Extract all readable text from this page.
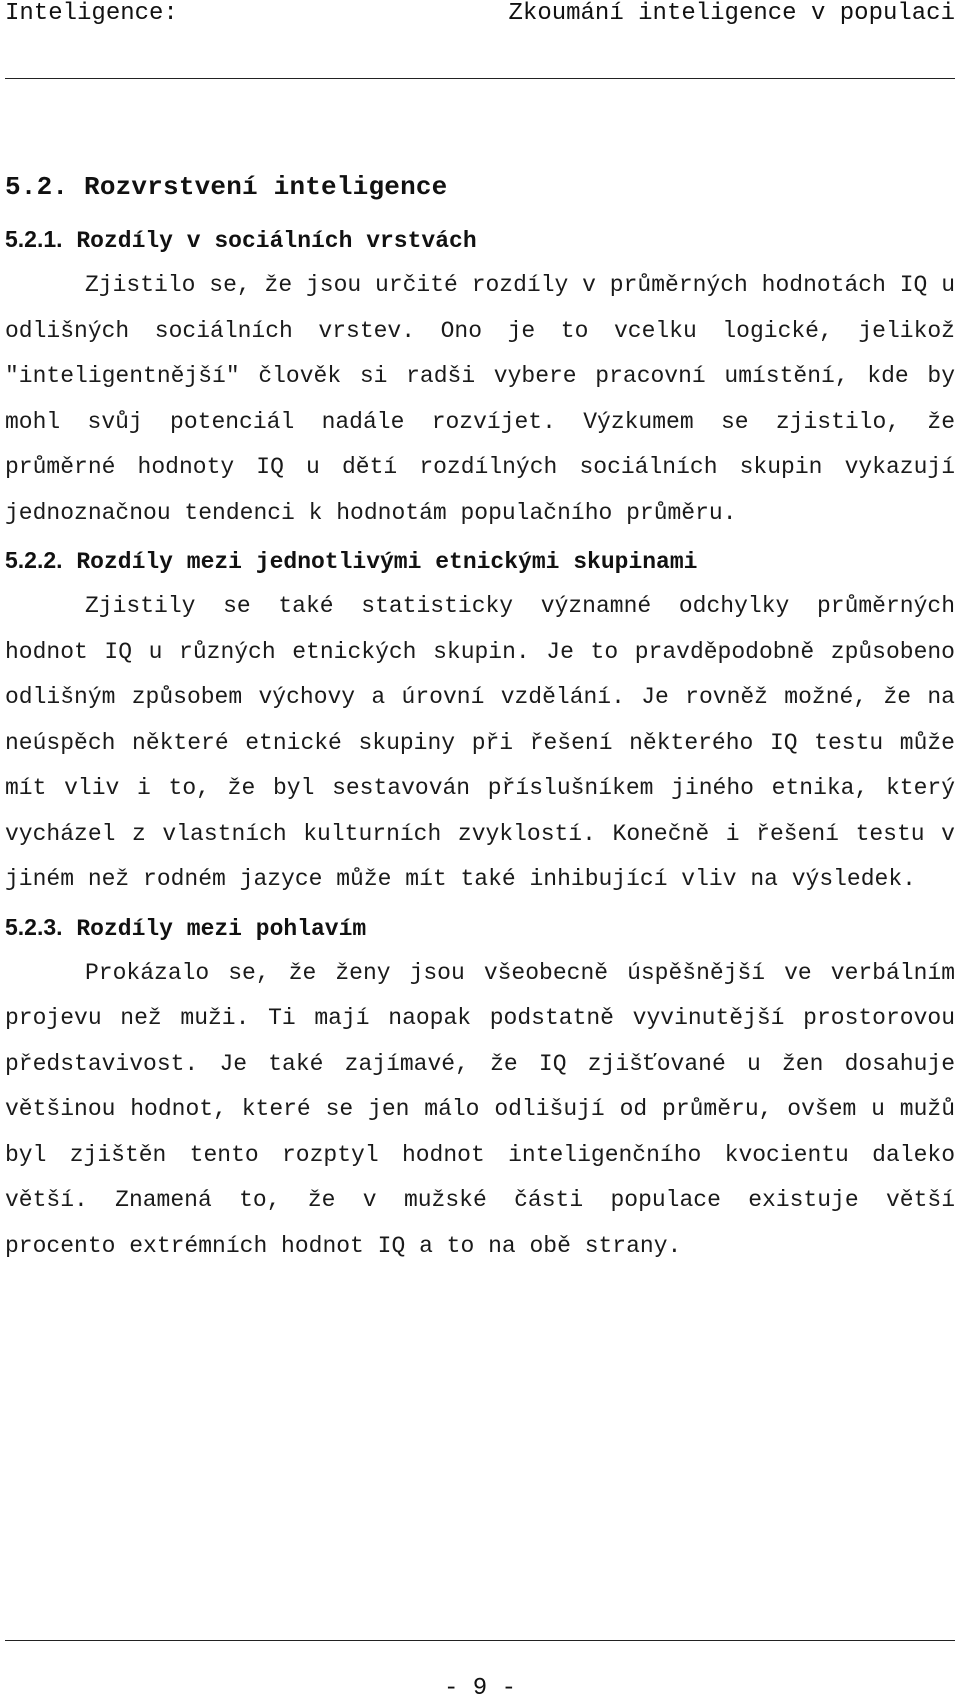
Inteligence:	Zkoumání inteligence v populaci
5.2. Rozvrstvení inteligence
5.2.1. Rozdíly v sociálních vrstvách

Zjistilo se, že jsou určité rozdíly v průměrných hodnotách IQ u odlišných sociálních vrstev. Ono je to vcelku logické, jelikož "inteligentnější" člověk si radši vybere pracovní umístění, kde by mohl svůj potenciál nadále rozvíjet. Výzkumem se zjistilo, že průměrné hodnoty IQ u dětí rozdílných sociálních skupin vykazují jednoznačnou tendenci k hodnotám populačního průměru.

5.2.2. Rozdíly mezi jednotlivými etnickými skupinami

Zjistily se také statisticky významné odchylky průměrných hodnot IQ u různých etnických skupin. Je to pravděpodobně způsobeno odlišným způsobem výchovy a úrovní vzdělání. Je rovněž možné, že na neúspěch některé etnické skupiny při řešení některého IQ testu může mít vliv i to, že byl sestavován příslušníkem jiného etnika, který vycházel z vlastních kulturních zvyklostí. Konečně i řešení testu v jiném než rodném jazyce může mít také inhibující vliv na výsledek.

5.2.3. Rozdíly mezi pohlavím

Prokázalo se, že ženy jsou všeobecně úspěšnější ve verbálním projevu než muži. Ti mají naopak podstatně vyvinutější prostorovou představivost. Je také zajímavé, že IQ zjišťované u žen dosahuje většinou hodnot, které se jen málo odlišují od průměru, ovšem u mužů byl zjištěn tento rozptyl hodnot inteligenčního kvocientu daleko větší. Znamená to, že v mužské části populace existuje větší procento extrémních hodnot IQ a to na obě strany.

- 9 -
